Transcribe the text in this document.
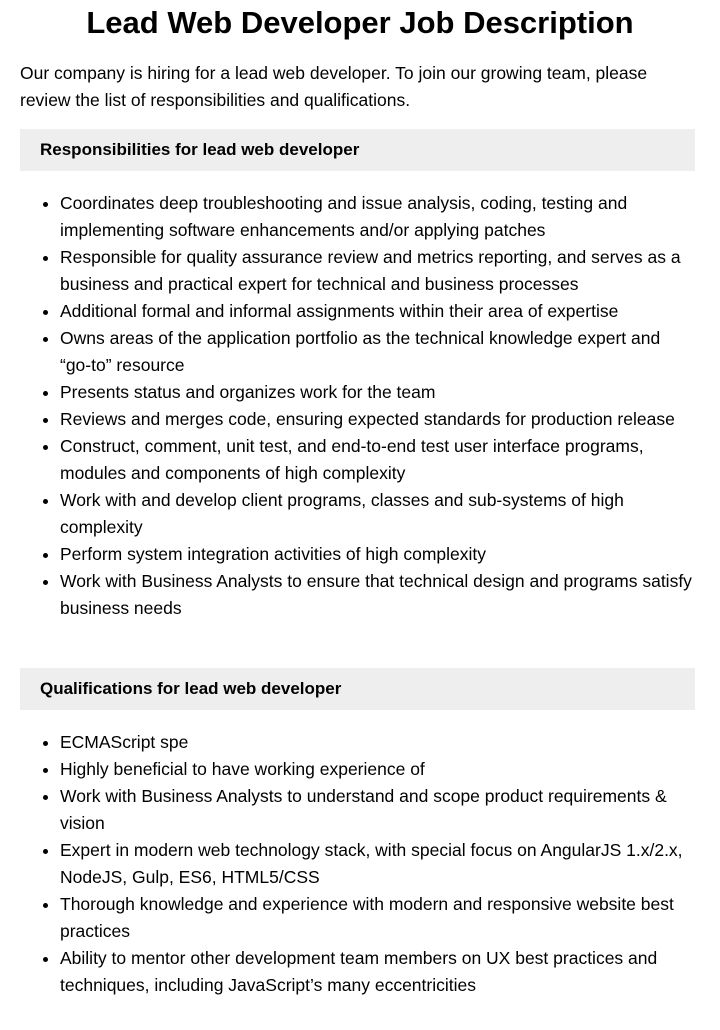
Lead Web Developer Job Description

Our company is hiring for a lead web developer. To join our growing team, please review the list of responsibilities and qualifications.

Responsibilities for lead web developer
• Coordinates deep troubleshooting and issue analysis, coding, testing and implementing software enhancements and/or applying patches
• Responsible for quality assurance review and metrics reporting, and serves as a business and practical expert for technical and business processes
• Additional formal and informal assignments within their area of expertise
• Owns areas of the application portfolio as the technical knowledge expert and “go-to” resource
• Presents status and organizes work for the team
• Reviews and merges code, ensuring expected standards for production release
• Construct, comment, unit test, and end-to-end test user interface programs, modules and components of high complexity
• Work with and develop client programs, classes and sub-systems of high complexity
• Perform system integration activities of high complexity
• Work with Business Analysts to ensure that technical design and programs satisfy business needs
Qualifications for lead web developer
• ECMAScript spe
• Highly beneficial to have working experience of
• Work with Business Analysts to understand and scope product requirements & vision
• Expert in modern web technology stack, with special focus on AngularJS 1.x/2.x, NodeJS, Gulp, ES6, HTML5/CSS
• Thorough knowledge and experience with modern and responsive website best practices
• Ability to mentor other development team members on UX best practices and techniques, including JavaScript’s many eccentricities
